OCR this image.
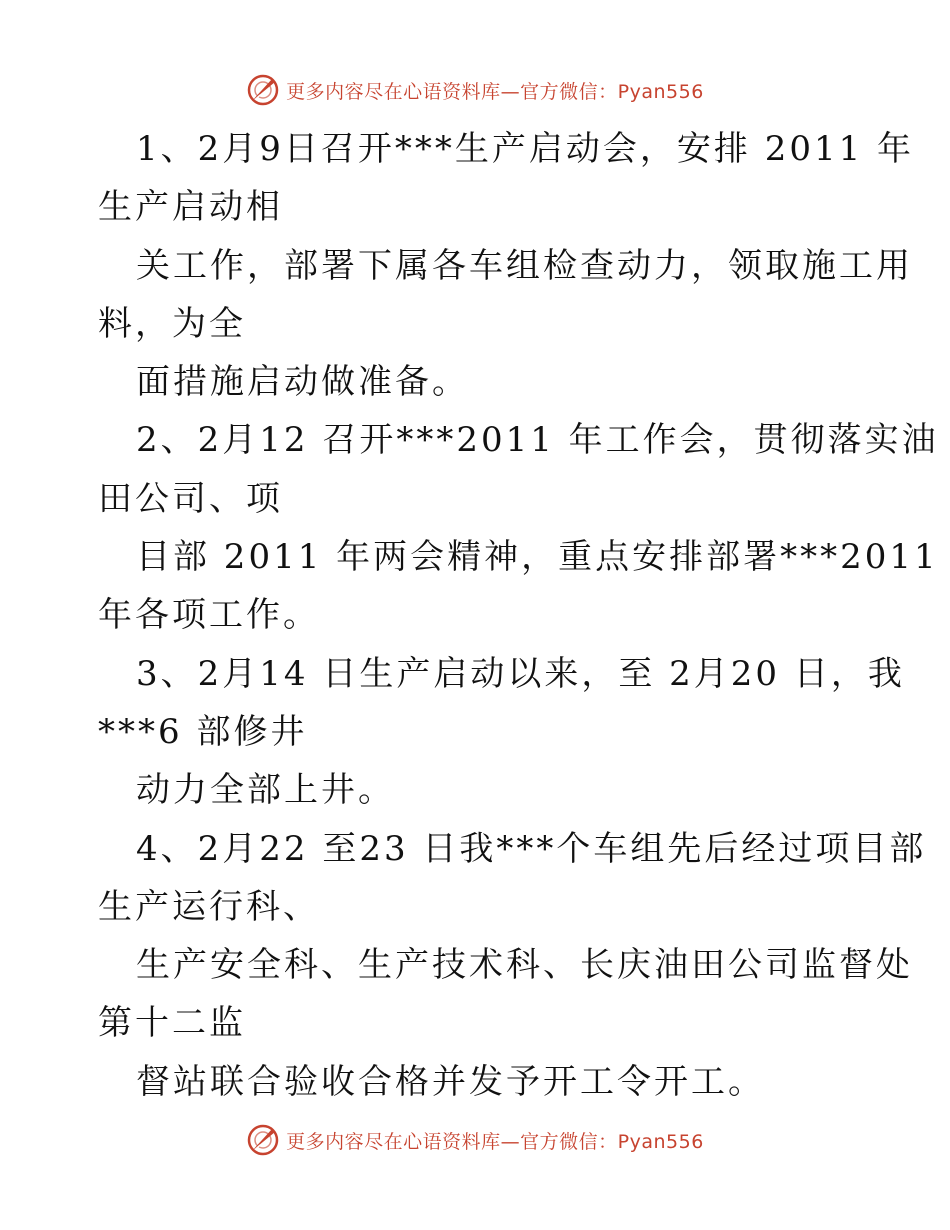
更多内容尽在心语资料库—官方微信：Pyan556
1、2月9日召开***生产启动会，安排 2011 年
生产启动相
关工作，部署下属各车组检查动力，领取施工用
料，为全
面措施启动做准备。
2、2月12 召开***2011 年工作会，贯彻落实油
田公司、项
目部 2011 年两会精神，重点安排部署***2011
年各项工作。
3、2月14 日生产启动以来，至 2月20 日，我
***6 部修井
动力全部上井。
4、2月22 至23 日我***个车组先后经过项目部
生产运行科、
生产安全科、生产技术科、长庆油田公司监督处
第十二监
督站联合验收合格并发予开工令开工。
更多内容尽在心语资料库—官方微信：Pyan556
